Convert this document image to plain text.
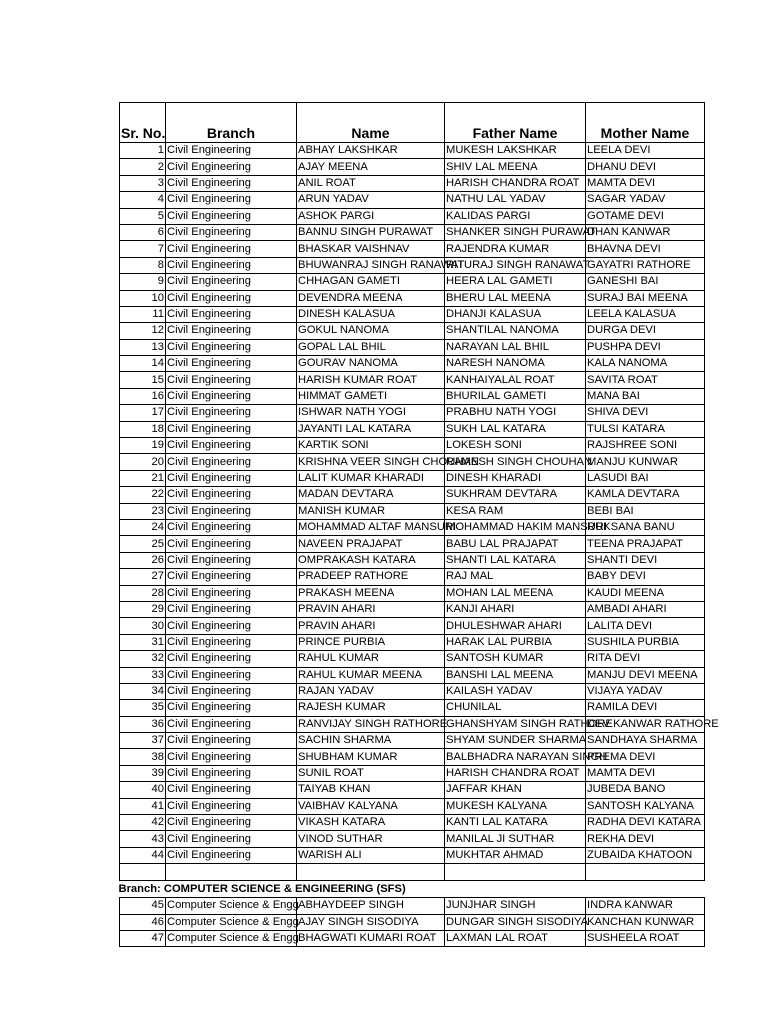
Sr. No.	Branch	Name	Father Name	Mother Name
1	Civil Engineering	ABHAY LAKSHKAR	MUKESH LAKSHKAR	LEELA DEVI
2	Civil Engineering	AJAY MEENA	SHIV LAL MEENA	DHANU DEVI
3	Civil Engineering	ANIL ROAT	HARISH CHANDRA ROAT	MAMTA DEVI
4	Civil Engineering	ARUN YADAV	NATHU LAL YADAV	SAGAR YADAV
5	Civil Engineering	ASHOK PARGI	KALIDAS PARGI	GOTAME DEVI
6	Civil Engineering	BANNU SINGH PURAWAT	SHANKER SINGH PURAWAT	DHAN KANWAR
7	Civil Engineering	BHASKAR VAISHNAV	RAJENDRA KUMAR	BHAVNA DEVI
8	Civil Engineering	BHUWANRAJ SINGH RANAWAT	RITURAJ SINGH RANAWAT	GAYATRI RATHORE
9	Civil Engineering	CHHAGAN GAMETI	HEERA LAL GAMETI	GANESHI BAI
10	Civil Engineering	DEVENDRA MEENA	BHERU LAL MEENA	SURAJ BAI MEENA
11	Civil Engineering	DINESH KALASUA	DHANJI KALASUA	LEELA KALASUA
12	Civil Engineering	GOKUL NANOMA	SHANTILAL NANOMA	DURGA DEVI
13	Civil Engineering	GOPAL LAL BHIL	NARAYAN LAL BHIL	PUSHPA DEVI
14	Civil Engineering	GOURAV NANOMA	NARESH NANOMA	KALA NANOMA
15	Civil Engineering	HARISH KUMAR ROAT	KANHAIYALAL ROAT	SAVITA ROAT
16	Civil Engineering	HIMMAT GAMETI	BHURILAL GAMETI	MANA BAI
17	Civil Engineering	ISHWAR NATH YOGI	PRABHU NATH YOGI	SHIVA DEVI
18	Civil Engineering	JAYANTI LAL KATARA	SUKH LAL KATARA	TULSI KATARA
19	Civil Engineering	KARTIK SONI	LOKESH SONI	RAJSHREE SONI
20	Civil Engineering	KRISHNA VEER SINGH CHOUHAN	RAMESH SINGH CHOUHAN	MANJU KUNWAR
21	Civil Engineering	LALIT KUMAR KHARADI	DINESH KHARADI	LASUDI BAI
22	Civil Engineering	MADAN DEVTARA	SUKHRAM DEVTARA	KAMLA DEVTARA
23	Civil Engineering	MANISH KUMAR	KESA RAM	BEBI BAI
24	Civil Engineering	MOHAMMAD ALTAF MANSURI	MOHAMMAD HAKIM MANSURI	RUKSANA BANU
25	Civil Engineering	NAVEEN PRAJAPAT	BABU LAL PRAJAPAT	TEENA PRAJAPAT
26	Civil Engineering	OMPRAKASH KATARA	SHANTI LAL KATARA	SHANTI DEVI
27	Civil Engineering	PRADEEP RATHORE	RAJ MAL	BABY DEVI
28	Civil Engineering	PRAKASH MEENA	MOHAN LAL MEENA	KAUDI MEENA
29	Civil Engineering	PRAVIN AHARI	KANJI AHARI	AMBADI AHARI
30	Civil Engineering	PRAVIN AHARI	DHULESHWAR AHARI	LALITA DEVI
31	Civil Engineering	PRINCE PURBIA	HARAK LAL PURBIA	SUSHILA PURBIA
32	Civil Engineering	RAHUL KUMAR	SANTOSH KUMAR	RITA DEVI
33	Civil Engineering	RAHUL KUMAR MEENA	BANSHI LAL MEENA	MANJU DEVI MEENA
34	Civil Engineering	RAJAN YADAV	KAILASH YADAV	VIJAYA YADAV
35	Civil Engineering	RAJESH KUMAR	CHUNILAL	RAMILA DEVI
36	Civil Engineering	RANVIJAY SINGH RATHORE	GHANSHYAM SINGH RATHORE	DEV KANWAR RATHORE
37	Civil Engineering	SACHIN SHARMA	SHYAM SUNDER SHARMA	SANDHAYA SHARMA
38	Civil Engineering	SHUBHAM KUMAR	BALBHADRA NARAYAN SINGH	PREMA DEVI
39	Civil Engineering	SUNIL ROAT	HARISH CHANDRA ROAT	MAMTA DEVI
40	Civil Engineering	TAIYAB KHAN	JAFFAR KHAN	JUBEDA BANO
41	Civil Engineering	VAIBHAV KALYANA	MUKESH KALYANA	SANTOSH KALYANA
42	Civil Engineering	VIKASH KATARA	KANTI LAL KATARA	RADHA DEVI KATARA
43	Civil Engineering	VINOD SUTHAR	MANILAL JI SUTHAR	REKHA DEVI
44	Civil Engineering	WARISH ALI	MUKHTAR AHMAD	ZUBAIDA KHATOON

Branch: COMPUTER SCIENCE & ENGINEERING (SFS)				
45	Computer Science & Engg	ABHAYDEEP SINGH	JUNJHAR SINGH	INDRA KANWAR
46	Computer Science & Engg	AJAY SINGH SISODIYA	DUNGAR SINGH SISODIYA	KANCHAN KUNWAR
47	Computer Science & Engg	BHAGWATI KUMARI ROAT	LAXMAN LAL ROAT	SUSHEELA ROAT
